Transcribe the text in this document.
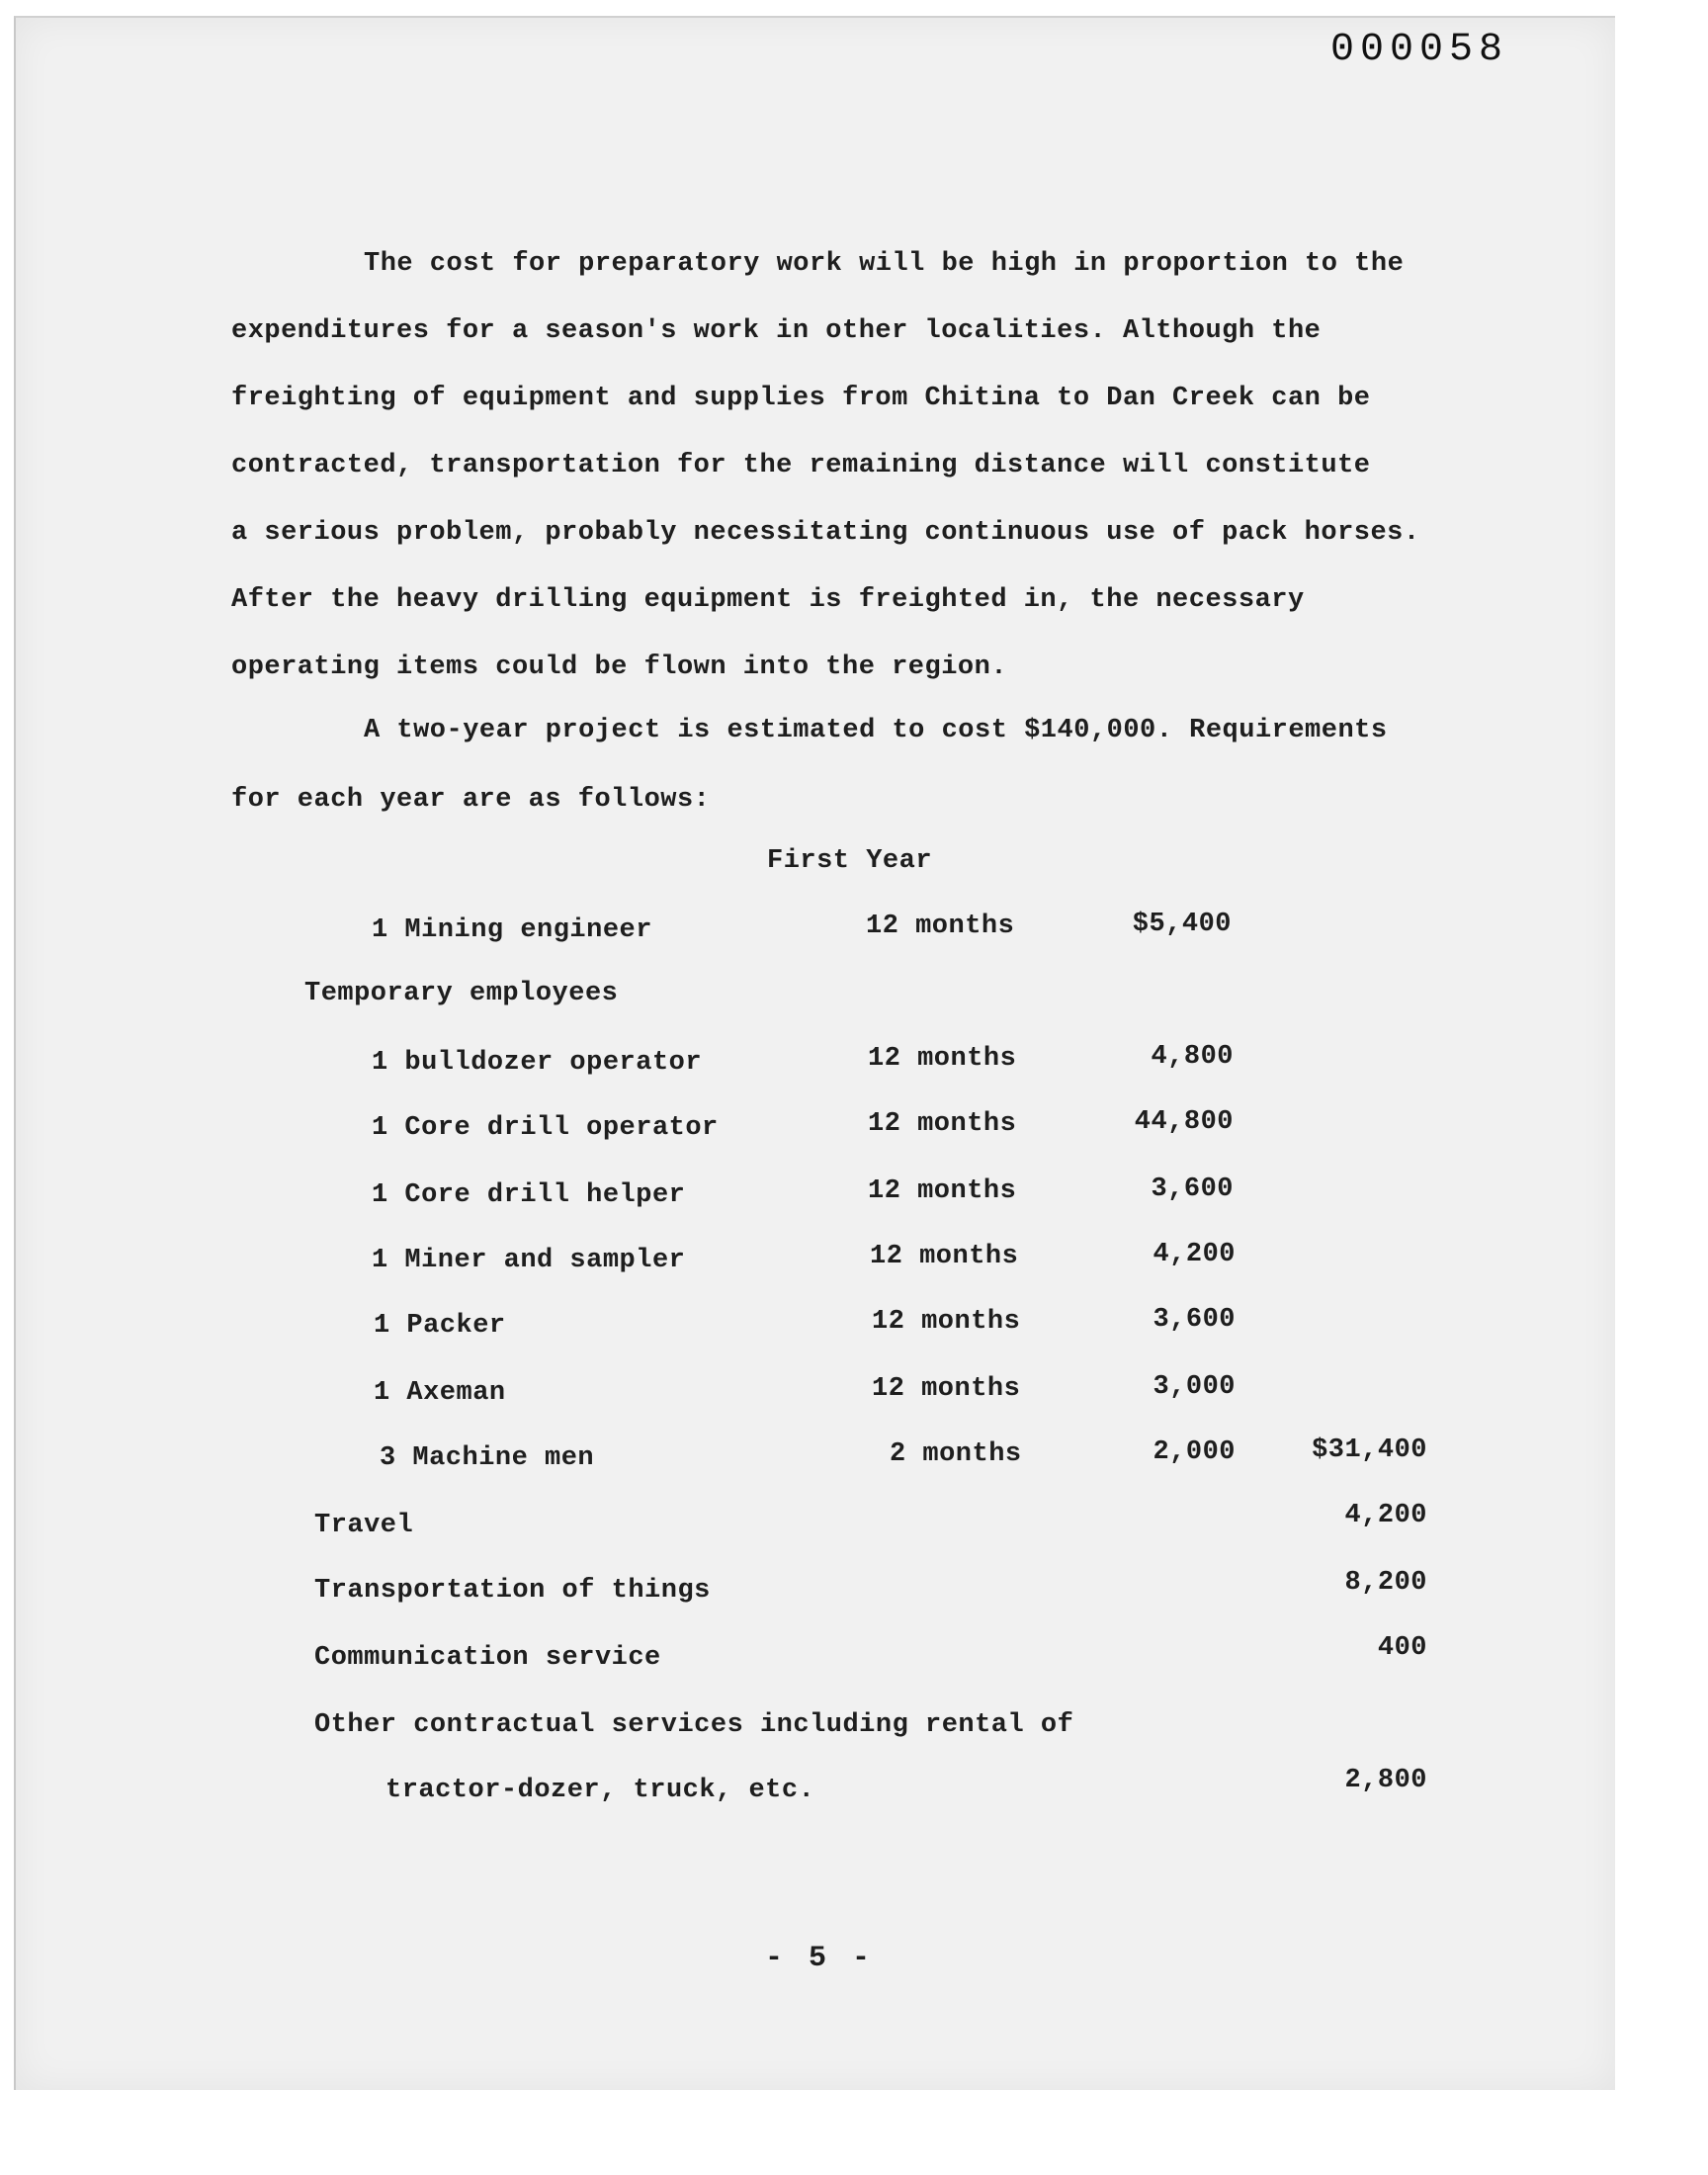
000058
The cost for preparatory work will be high in proportion to the
expenditures for a season's work in other localities. Although the
freighting of equipment and supplies from Chitina to Dan Creek can be
contracted, transportation for the remaining distance will constitute
a serious problem, probably necessitating continuous use of pack horses.
After the heavy drilling equipment is freighted in, the necessary
operating items could be flown into the region.
A two-year project is estimated to cost $140,000. Requirements
for each year are as follows:
First Year
1 Mining engineer	12 months	$5,400
Temporary employees
1 bulldozer operator	12 months	4,800
1 Core drill operator	12 months	44,800
1 Core drill helper	12 months	3,600
1 Miner and sampler	12 months	4,200
1 Packer	12 months	3,600
1 Axeman	12 months	3,000
3 Machine men	2 months	2,000	$31,400
Travel	4,200
Transportation of things	8,200
Communication service	400
Other contractual services including rental of
tractor-dozer, truck, etc.	2,800
- 5 -
